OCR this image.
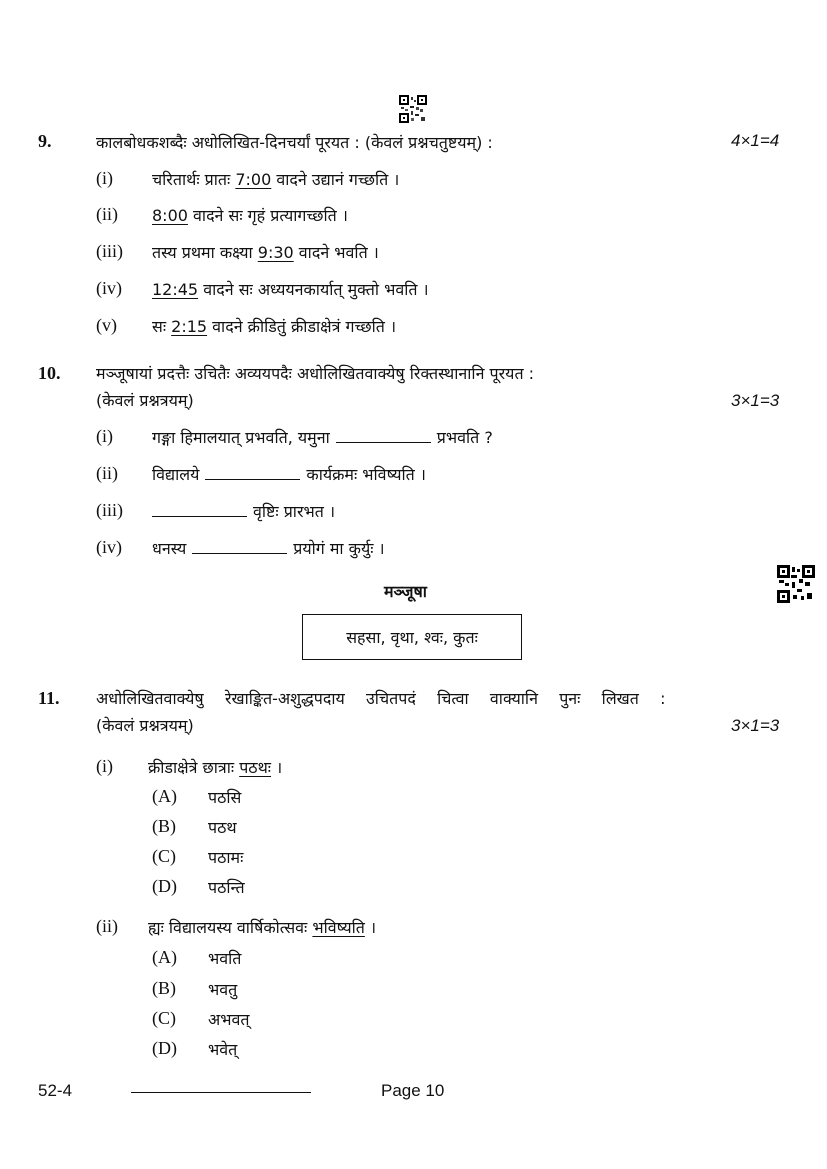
9.	कालबोधकशब्दैः अधोलिखित-दिनचर्यां पूरयत : (केवलं प्रश्नचतुष्टयम्) :	4×1=4
(i) चरितार्थः प्रातः 7:00 वादने उद्यानं गच्छति ।
(ii) 8:00 वादने सः गृहं प्रत्यागच्छति ।
(iii) तस्य प्रथमा कक्ष्या 9:30 वादने भवति ।
(iv) 12:45 वादने सः अध्ययनकार्यात् मुक्तो भवति ।
(v) सः 2:15 वादने क्रीडितुं क्रीडाक्षेत्रं गच्छति ।
10. मञ्जूषायां प्रदत्तैः उचितैः अव्ययपदैः अधोलिखितवाक्येषु रिक्तस्थानानि पूरयत :
(केवलं प्रश्नत्रयम्)	3×1=3
(i) गङ्गा हिमालयात् प्रभवति, यमुना	प्रभवति ?
(ii) विद्यालये	कार्यक्रमः भविष्यति ।
(iii)	वृष्टिः प्रारभत ।
(iv) धनस्य	प्रयोगं मा कुर्युः ।
मञ्जूषा
सहसा, वृथा, श्वः, कुतः
11. अधोलिखितवाक्येषु   रेखाङ्कित-अशुद्धपदाय   उचितपदं   चित्वा   वाक्यानि   पुनः   लिखत   :
(केवलं प्रश्नत्रयम्)	3×1=3
(i) क्रीडाक्षेत्रे छात्राः पठथः ।
(A) पठसि
(B) पठथ
(C) पठामः
(D) पठन्ति
(ii) ह्यः विद्यालयस्य वार्षिकोत्सवः भविष्यति ।
(A) भवति
(B) भवतु
(C) अभवत्
(D) भवेत्
52-4	Page 10
